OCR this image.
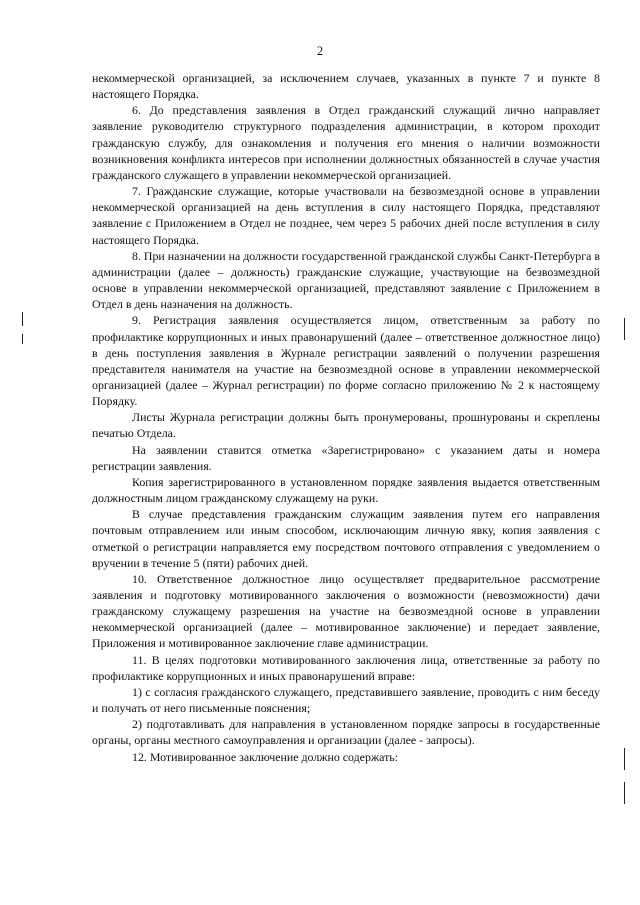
2

некоммерческой организацией, за исключением случаев, указанных в пункте 7 и пункте 8 настоящего Порядка.

6. До представления заявления в Отдел гражданский служащий лично направляет заявление руководителю структурного подразделения администрации, в котором проходит гражданскую службу, для ознакомления и получения его мнения о наличии возможности возникновения конфликта интересов при исполнении должностных обязанностей в случае участия гражданского служащего в управлении некоммерческой организацией.

7. Гражданские служащие, которые участвовали на безвозмездной основе в управлении некоммерческой организацией на день вступления в силу настоящего Порядка, представляют заявление с Приложением в Отдел не позднее, чем через 5 рабочих дней после вступления в силу настоящего Порядка.

8. При назначении на должности государственной гражданской службы Санкт-Петербурга в администрации (далее – должность) гражданские служащие, участвующие на безвозмездной основе в управлении некоммерческой организацией, представляют заявление с Приложением в Отдел в день назначения на должность.

9. Регистрация заявления осуществляется лицом, ответственным за работу по профилактике коррупционных и иных правонарушений (далее – ответственное должностное лицо) в день поступления заявления в Журнале регистрации заявлений о получении разрешения представителя нанимателя на участие на безвозмездной основе в управлении некоммерческой организацией (далее – Журнал регистрации) по форме согласно приложению № 2 к настоящему Порядку.

Листы Журнала регистрации должны быть пронумерованы, прошнурованы и скреплены печатью Отдела.

На заявлении ставится отметка «Зарегистрировано» с указанием даты и номера регистрации заявления.

Копия зарегистрированного в установленном порядке заявления выдается ответственным должностным лицом гражданскому служащему на руки.

В случае представления гражданским служащим заявления путем его направления почтовым отправлением или иным способом, исключающим личную явку, копия заявления с отметкой о регистрации направляется ему посредством почтового отправления с уведомлением о вручении в течение 5 (пяти) рабочих дней.

10. Ответственное должностное лицо осуществляет предварительное рассмотрение заявления и подготовку мотивированного заключения о возможности (невозможности) дачи гражданскому служащему разрешения на участие на безвозмездной основе в управлении некоммерческой организацией (далее – мотивированное заключение) и передает заявление, Приложения и мотивированное заключение главе администрации.

11. В целях подготовки мотивированного заключения лица, ответственные за работу по профилактике коррупционных и иных правонарушений вправе:

1) с согласия гражданского служащего, представившего заявление, проводить с ним беседу и получать от него письменные пояснения;

2) подготавливать для направления в установленном порядке запросы в государственные органы, органы местного самоуправления и организации (далее - запросы).

12. Мотивированное заключение должно содержать:
